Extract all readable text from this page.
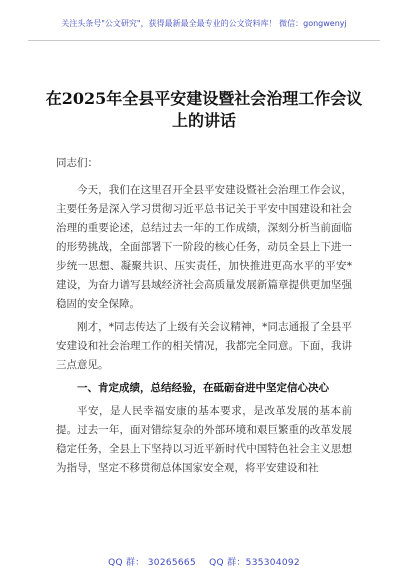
关注头条号"公文研究"，获得最新最全最专业的公文资料库！ 微信：gongwenyj
在2025年全县平安建设暨社会治理工作会议上的讲话

同志们：

今天，我们在这里召开全县平安建设暨社会治理工作会议，主要任务是深入学习贯彻习近平总书记关于平安中国建设和社会治理的重要论述，总结过去一年的工作成绩，深刻分析当前面临的形势挑战，全面部署下一阶段的核心任务，动员全县上下进一步统一思想、凝聚共识、压实责任，加快推进更高水平的平安*建设，为奋力谱写县域经济社会高质量发展新篇章提供更加坚强稳固的安全保障。

刚才，*同志传达了上级有关会议精神，*同志通报了全县平安建设和社会治理工作的相关情况，我都完全同意。下面，我讲三点意见。

一、肯定成绩，总结经验，在砥砺奋进中坚定信心决心

平安，是人民幸福安康的基本要求，是改革发展的基本前提。过去一年，面对错综复杂的外部环境和艰巨繁重的改革发展稳定任务，全县上下坚持以习近平新时代中国特色社会主义思想为指导，坚定不移贯彻总体国家安全观，将平安建设和社

QQ 群： 30265665 QQ 群：535304092
